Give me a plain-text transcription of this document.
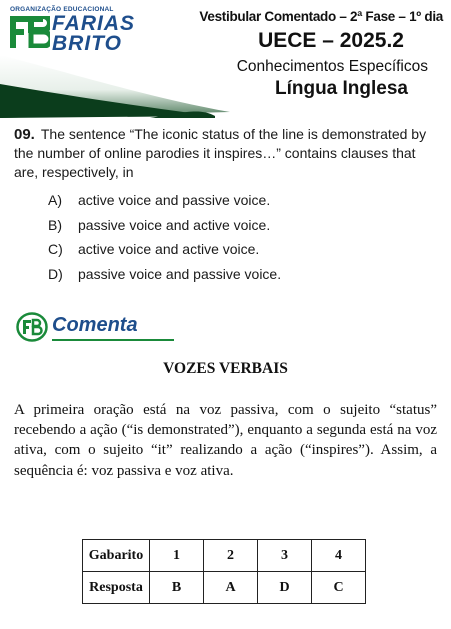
ORGANIZAÇÃO EDUCACIONAL
FARIAS
BRITO
Vestibular Comentado – 2ª Fase – 1º dia
UECE – 2025.2
Conhecimentos Específicos
Língua Inglesa
09. The sentence “The iconic status of the line is demonstrated by the number of online parodies it inspires…” contains clauses that are, respectively, in
A) active voice and passive voice.
B) passive voice and active voice.
C) active voice and active voice.
D) passive voice and passive voice.
Comenta
VOZES VERBAIS
A primeira oração está na voz passiva, com o sujeito “status” recebendo a ação (“is demonstrated”), enquanto a segunda está na voz ativa, com o sujeito “it” realizando a ação (“inspires”). Assim, a sequência é: voz passiva e voz ativa.
Gabarito	1	2	3	4
Resposta	B	A	D	C
